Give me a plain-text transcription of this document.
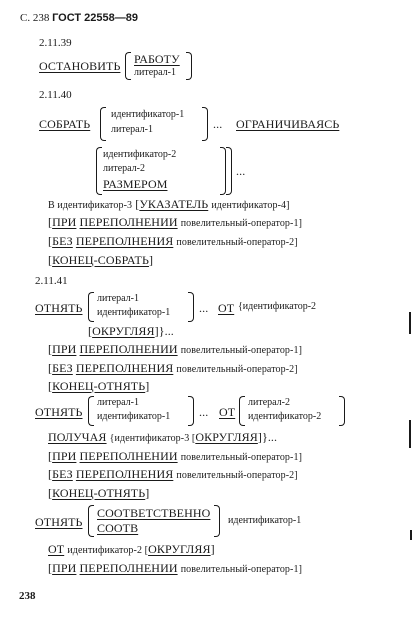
С. 238 ГОСТ 22558—89
2.11.39
ОСТАНОВИТЬ РАБОТУ
литерал-1
2.11.40
СОБРАТЬ
идентификатор-1
литерал-1	... ОГРАНИЧИВАЯСЬ
идентификатор-2
литерал-2
РАЗМЕРОМ
...
В идентификатор-3 [УКАЗАТЕЛЬ идентификатор-4]
[ПРИ ПЕРЕПОЛНЕНИИ повелительный-оператор-1]
[БЕЗ ПЕРЕПОЛНЕНИЯ повелительный-оператор-2]
[КОНЕЦ-СОБРАТЬ]
2.11.41
ОТНЯТЬ
литерал-1
идентификатор-1 ... ОТ {идентификатор-2
[ОКРУГЛЯЯ]}...
[ПРИ ПЕРЕПОЛНЕНИИ повелительный-оператор-1]
[БЕЗ ПЕРЕПОЛНЕНИЯ повелительный-оператор-2]
[КОНЕЦ-ОТНЯТЬ]
ОТНЯТЬ
литерал-1
идентификатор-1 ... ОТ
литерал-2
идентификатор-2
ПОЛУЧАЯ {идентификатор-3 [ОКРУГЛЯЯ]}...
[ПРИ ПЕРЕПОЛНЕНИИ повелительный-оператор-1]
[БЕЗ ПЕРЕПОЛНЕНИЯ повелительный-оператор-2]
[КОНЕЦ-ОТНЯТЬ]
ОТНЯТЬ
СООТВЕТСТВЕННО
СООТВ
идентификатор-1
ОТ идентификатор-2 [ОКРУГЛЯЯ]
[ПРИ ПЕРЕПОЛНЕНИИ повелительный-оператор-1]
238
